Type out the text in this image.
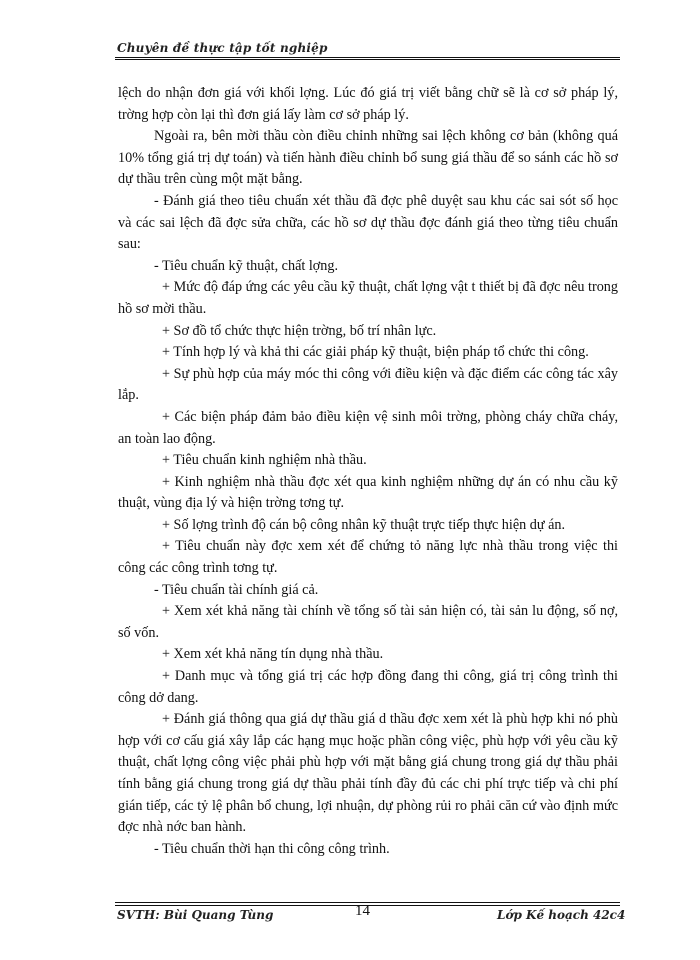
Chuyên đề thực tập tốt nghiệp

lệch do nhận đơn giá với khối lợng. Lúc đó giá trị viết bằng chữ sẽ là cơ sở pháp lý, trờng hợp còn lại thì đơn giá lấy làm cơ sở pháp lý.

Ngoài ra, bên mời thầu còn điều chỉnh những sai lệch không cơ bản (không quá 10% tổng giá trị dự toán) và tiến hành điều chỉnh bổ sung giá thầu để so sánh các hồ sơ dự thầu trên cùng một mặt bằng.

- Đánh giá theo tiêu chuẩn xét thầu đã đợc phê duyệt sau khu các sai sót số học và các sai lệch đã đợc sửa chữa, các hồ sơ dự thầu đợc đánh giá theo từng tiêu chuẩn sau:

- Tiêu chuẩn kỹ thuật, chất lợng.

+ Mức độ đáp ứng các yêu cầu kỹ thuật, chất lợng vật t thiết bị đã đợc nêu trong hồ sơ mời thầu.

+ Sơ đồ tổ chức thực hiện trờng, bố trí nhân lực.

+ Tính hợp lý và khả thi các giải pháp kỹ thuật, biện pháp tổ chức thi công.

+ Sự phù hợp của máy móc thi công với điều kiện và đặc điểm các công tác xây lắp.

+ Các biện pháp đảm bảo điều kiện vệ sinh môi trờng, phòng cháy chữa cháy, an toàn lao động.

+ Tiêu chuẩn kinh nghiệm nhà thầu.

+ Kinh nghiệm nhà thầu đợc xét qua kinh nghiệm những dự án có nhu cầu kỹ thuật, vùng địa lý và hiện trờng tơng tự.

+ Số lợng trình độ cán bộ công nhân kỹ thuật trực tiếp thực hiện dự án.

+ Tiêu chuẩn này đợc xem xét để chứng tỏ năng lực nhà thầu trong việc thi công các công trình tơng tự.

- Tiêu chuẩn tài chính giá cả.

+ Xem xét khả năng tài chính về tổng số tài sản hiện có, tài sản lu động, số nợ, số vốn.

+ Xem xét khả năng tín dụng nhà thầu.

+ Danh mục và tổng giá trị các hợp đồng đang thi công, giá trị công trình thi công dở dang.

+ Đánh giá thông qua giá dự thầu giá d thầu đợc xem xét là phù hợp khi nó phù hợp với cơ cấu giá xây lắp các hạng mục hoặc phần công việc, phù hợp với yêu cầu kỹ thuật, chất lợng công việc phải phù hợp với mặt bằng giá chung trong giá dự thầu phải tính bằng giá chung trong giá dự thầu phải tính đầy đủ các chi phí trực tiếp và chi phí gián tiếp, các tỷ lệ phân bổ chung, lợi nhuận, dự phòng rủi ro phải căn cứ vào định mức đợc nhà nớc ban hành.

- Tiêu chuẩn thời hạn thi công công trình.

SVTH: Bùi Quang Tùng	14	Lớp Kế hoạch 42c4
